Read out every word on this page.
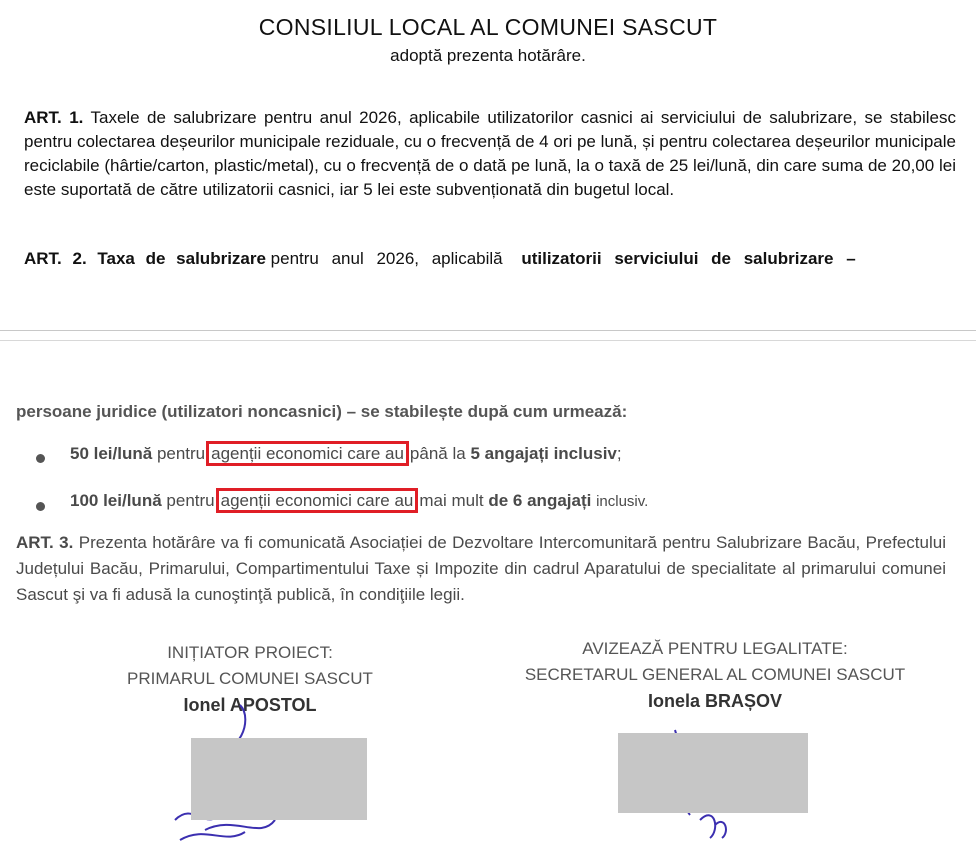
CONSILIUL LOCAL AL COMUNEI SASCUT
adoptă prezenta hotărâre.
ART. 1. Taxele de salubrizare pentru anul 2026, aplicabile utilizatorilor casnici ai serviciului de salubrizare, se stabilesc pentru colectarea deșeurilor municipale reziduale, cu o frecvență de 4 ori pe lună, și pentru colectarea deșeurilor municipale reciclabile (hârtie/carton, plastic/metal), cu o frecvență de o dată pe lună, la o taxă de 25 lei/lună, din care suma de 20,00 lei este suportată de către utilizatorii casnici, iar 5 lei este subvenționată din bugetul local.
ART. 2. Taxa de salubrizare pentru anul 2026, aplicabilă utilizatorii serviciului de salubrizare –
persoane juridice (utilizatori noncasnici) – se stabilește după cum urmează:
50 lei/lună pentru agenții economici care au până la 5 angajați inclusiv;
100 lei/lună pentru agenții economici care au mai mult de 6 angajați inclusiv.
ART. 3. Prezenta hotărâre va fi comunicată Asociației de Dezvoltare Intercomunitară pentru Salubrizare Bacău, Prefectului Județului Bacău, Primarului, Compartimentului Taxe și Impozite din cadrul Aparatului de specialitate al primarului comunei Sascut şi va fi adusă la cunoştinţă publică, în condiţiile legii.
INIȚIATOR PROIECT:
PRIMARUL COMUNEI SASCUT
Ionel APOSTOL
AVIZEAZĂ PENTRU LEGALITATE:
SECRETARUL GENERAL AL COMUNEI SASCUT
Ionela BRAȘOV
